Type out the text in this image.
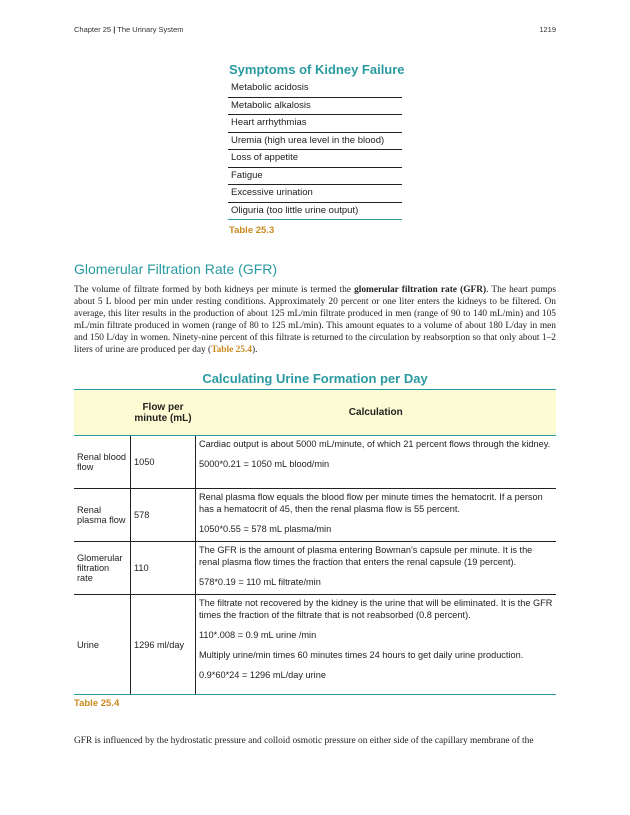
Chapter 25 | The Urinary System	1219
Symptoms of Kidney Failure
Metabolic acidosis
Metabolic alkalosis
Heart arrhythmias
Uremia (high urea level in the blood)
Loss of appetite
Fatigue
Excessive urination
Oliguria (too little urine output)
Table 25.3
Glomerular Filtration Rate (GFR)

The volume of filtrate formed by both kidneys per minute is termed the glomerular filtration rate (GFR). The heart pumps about 5 L blood per min under resting conditions. Approximately 20 percent or one liter enters the kidneys to be filtered. On average, this liter results in the production of about 125 mL/min filtrate produced in men (range of 90 to 140 mL/min) and 105 mL/min filtrate produced in women (range of 80 to 125 mL/min). This amount equates to a volume of about 180 L/day in men and 150 L/day in women. Ninety-nine percent of this filtrate is returned to the circulation by reabsorption so that only about 1–2 liters of urine are produced per day (Table 25.4).

Calculating Urine Formation per Day
	Flow per minute (mL)	Calculation
Renal blood flow	1050	Cardiac output is about 5000 mL/minute, of which 21 percent flows through the kidney.

5000*0.21 = 1050 mL blood/min

Renal plasma flow	578	Renal plasma flow equals the blood flow per minute times the hematocrit. If a person has a hematocrit of 45, then the renal plasma flow is 55 percent.

1050*0.55 = 578 mL plasma/min

Glomerular filtration rate	110	The GFR is the amount of plasma entering Bowman’s capsule per minute. It is the renal plasma flow times the fraction that enters the renal capsule (19 percent).

578*0.19 = 110 mL filtrate/min

Urine	1296 ml/day	The filtrate not recovered by the kidney is the urine that will be eliminated. It is the GFR times the fraction of the filtrate that is not reabsorbed (0.8 percent).

110*.008 = 0.9 mL urine /min

Multiply urine/min times 60 minutes times 24 hours to get daily urine production.

0.9*60*24 = 1296 mL/day urine

Table 25.4

GFR is influenced by the hydrostatic pressure and colloid osmotic pressure on either side of the capillary membrane of the
